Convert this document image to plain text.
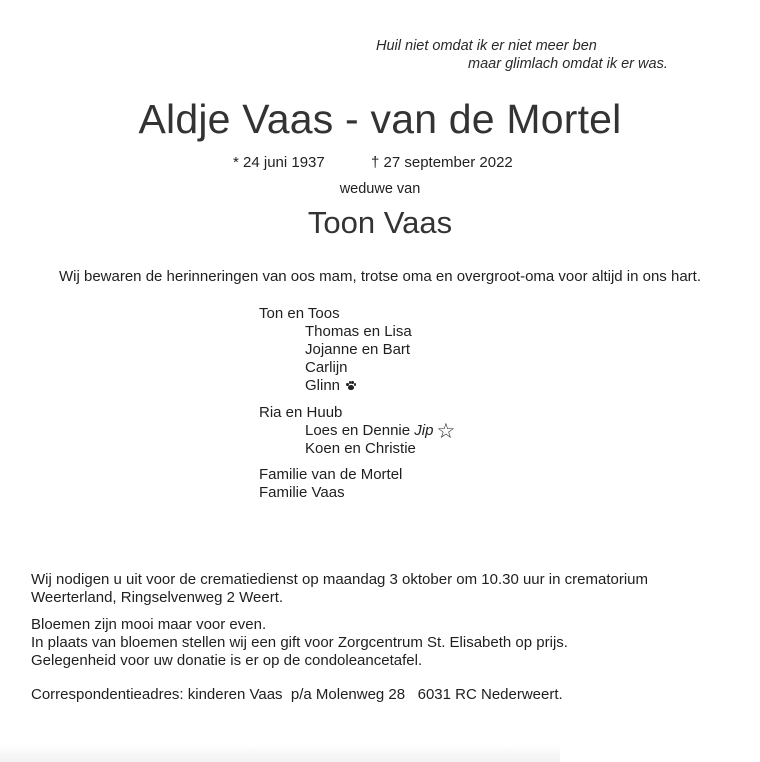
Huil niet omdat ik er niet meer ben
maar glimlach omdat ik er was.
Aldje Vaas - van de Mortel
* 24 juni 1937	† 27 september 2022
weduwe van
Toon Vaas
Wij bewaren de herinneringen van oos mam, trotse oma en overgroot-oma voor altijd in ons hart.
Ton en Toos
Thomas en Lisa
Jojanne en Bart
Carlijn
Glinn
Ria en Huub
Loes en Dennie Jip ☆
Koen en Christie
Familie van de Mortel
Familie Vaas
Wij nodigen u uit voor de crematiedienst op maandag 3 oktober om 10.30 uur in crematorium
Weerterland, Ringselvenweg 2 Weert.
Bloemen zijn mooi maar voor even.
In plaats van bloemen stellen wij een gift voor Zorgcentrum St. Elisabeth op prijs.
Gelegenheid voor uw donatie is er op de condoleancetafel.
Correspondentieadres: kinderen Vaas  p/a Molenweg 28   6031 RC Nederweert.
